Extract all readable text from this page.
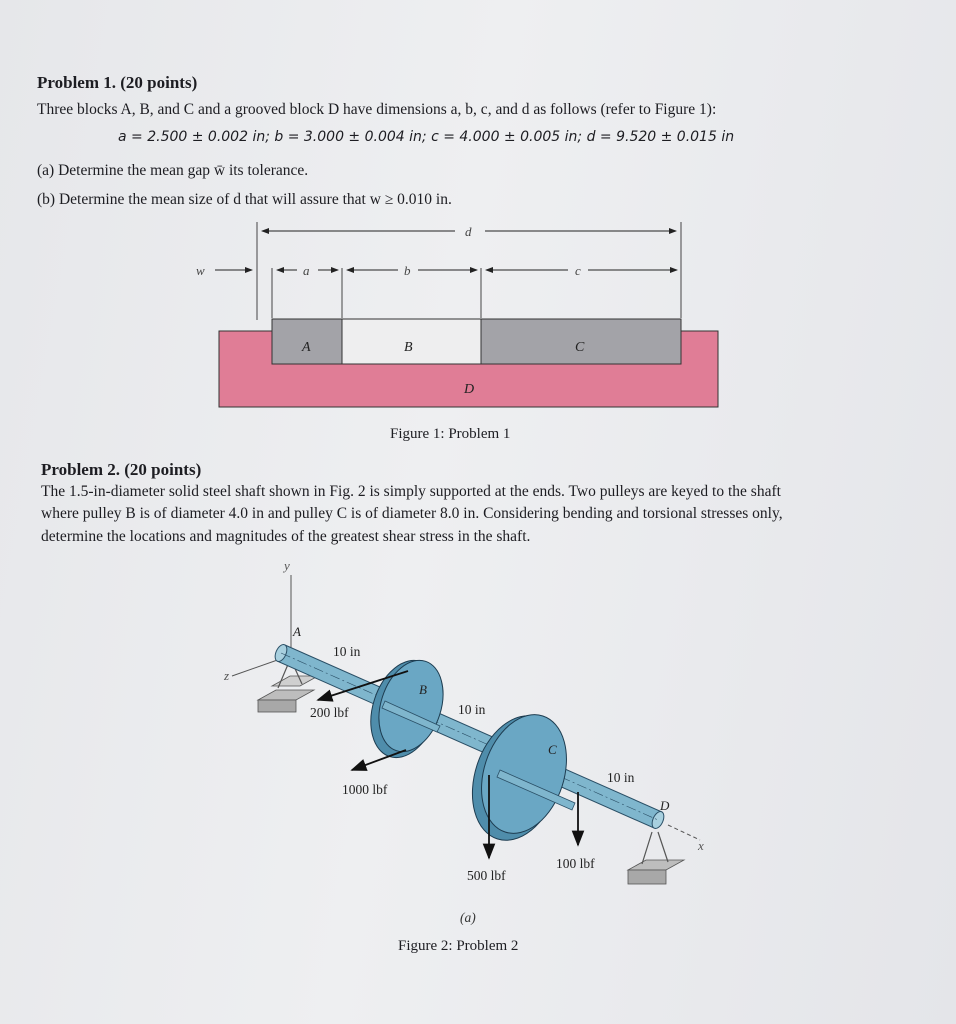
Problem 1. (20 points)
Three blocks A, B, and C and a grooved block D have dimensions a, b, c, and d as follows (refer to Figure 1):
a = 2.500 ± 0.002 in; b = 3.000 ± 0.004 in; c = 4.000 ± 0.005 in; d = 9.520 ± 0.015 in
(a) Determine the mean gap w̄ its tolerance.
(b) Determine the mean size of d that will assure that w ≥ 0.010 in.
w	a	b	c
d
A	B	C
D
Figure 1: Problem 1
Problem 2. (20 points)
The 1.5-in-diameter solid steel shaft shown in Fig. 2 is simply supported at the ends. Two pulleys are keyed to the shaft
where pulley B is of diameter 4.0 in and pulley C is of diameter 8.0 in. Considering bending and torsional stresses only,
determine the locations and magnitudes of the greatest shear stress in the shaft.
y
z
x
A
B
C
D
10 in
10 in
10 in
200 lbf
1000 lbf
500 lbf
100 lbf
(a)
Figure 2: Problem 2
